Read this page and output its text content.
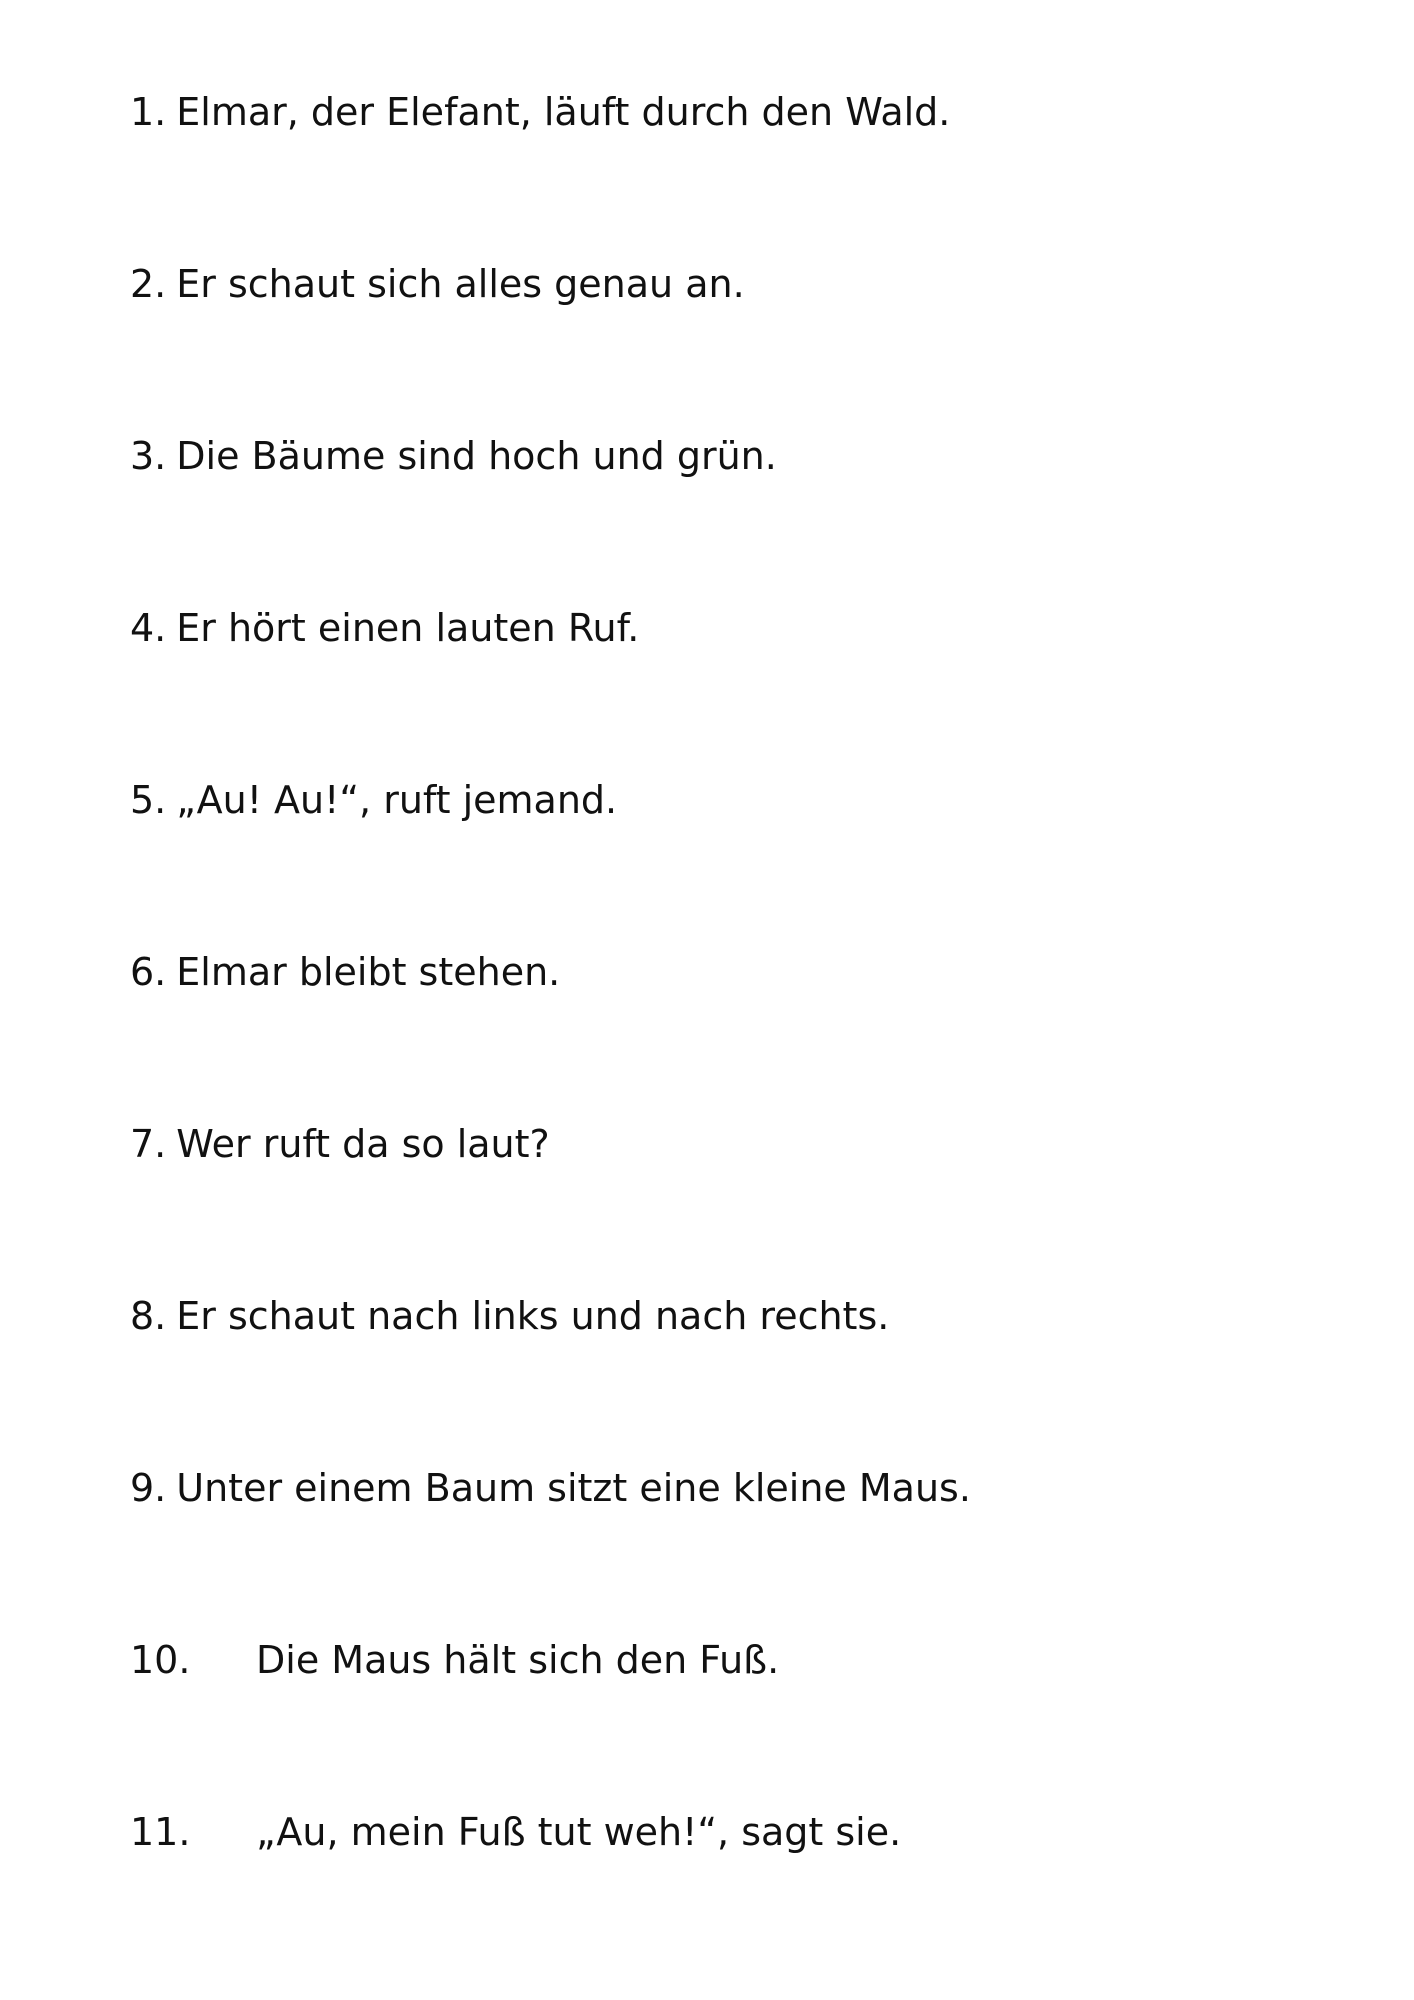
1. Elmar, der Elefant, läuft durch den Wald.
2. Er schaut sich alles genau an.
3. Die Bäume sind hoch und grün.
4. Er hört einen lauten Ruf.
5. „Au! Au!“, ruft jemand.
6. Elmar bleibt stehen.
7. Wer ruft da so laut?
8. Er schaut nach links und nach rechts.
9. Unter einem Baum sitzt eine kleine Maus.
10.	Die Maus hält sich den Fuß.
11.	„Au, mein Fuß tut weh!“, sagt sie.
